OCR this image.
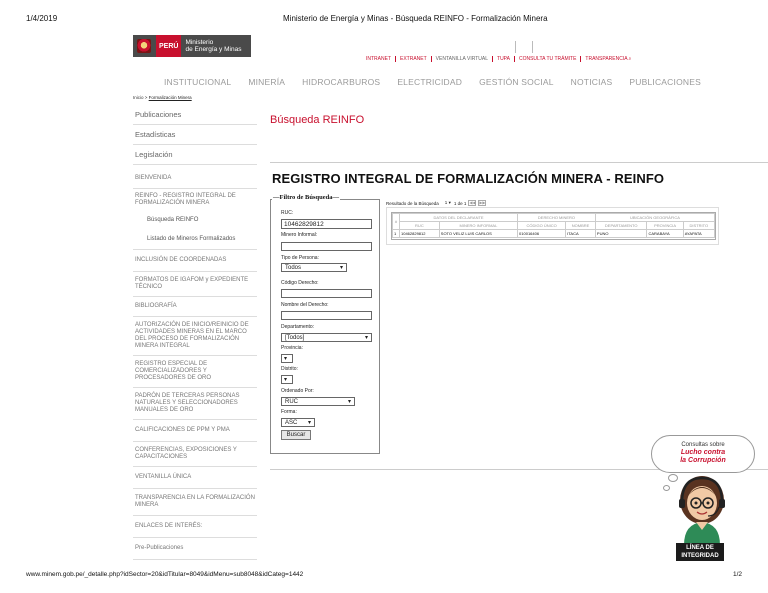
1/4/2019	Ministerio de Energía y Minas - Búsqueda REINFO - Formalización Minera
PERÚ	Ministerio
de Energía y Minas
INTRANET	EXTRANET	VENTANILLA VIRTUAL	TUPA	CONSULTA TU TRÁMITE	TRANSPARENCIA⌕
INSTITUCIONAL MINERÍA HIDROCARBUROS ELECTRICIDAD GESTIÓN SOCIAL NOTICIAS PUBLICACIONES
Inicio > Formalización Minera
Publicaciones
Estadísticas
Legislación
BIENVENIDA
REINFO - REGISTRO INTEGRAL DE FORMALIZACIÓN MINERA
Búsqueda REINFO
Listado de Mineros Formalizados
INCLUSIÓN DE COORDENADAS
FORMATOS DE IGAFOM y EXPEDIENTE TÉCNICO
BIBLIOGRAFÍA
AUTORIZACIÓN DE INICIO/REINICIO DE ACTIVIDADES MINERAS EN EL MARCO DEL PROCESO DE FORMALIZACIÓN MINERA INTEGRAL
REGISTRO ESPECIAL DE COMERCIALIZADORES Y PROCESADORES DE ORO
PADRÓN DE TERCERAS PERSONAS NATURALES Y SELECCIONADORES MANUALES DE ORO
CALIFICACIONES DE PPM Y PMA
CONFERENCIAS, EXPOSICIONES Y CAPACITACIONES
VENTANILLA ÚNICA
TRANSPARENCIA EN LA FORMALIZACIÓN MINERA
ENLACES DE INTERÉS:
Pre-Publicaciones
Búsqueda REINFO
REGISTRO INTEGRAL DE FORMALIZACIÓN MINERA - REINFO
—Filtro de Búsqueda—
RUC:
10462829812
Minero Informal:
Tipo de Persona:
Todos	▾
Código Derecho:
Nombre del Derecho:
Departamento:
[Todos]	▾
Provincia:
▾
Distrito:
▾
Ordenado Por:
RUC	▾
Forma:
ASC ▾
Buscar
Resultado de la Búsqueda 1 ▾ 1 de 1 ◀◀ ▶▶
#	DATOS DEL DECLARANTE		DERECHO MINERO		UBICACIÓN GEOGRÁFICA		
	RUC	MINERO INFORMAL	CÓDIGO ÚNICO	NOMBRE	DEPARTAMENTO	PROVINCIA	DISTRITO
1	10462829812	SOTO VELIZ LUIS CARLOS	010016406	ITACA	PUNO	CARABAYA	AYAPATA
Consultas sobre
Lucho contra
la Corrupción
LÍNEA DE
INTEGRIDAD
www.minem.gob.pe/_detalle.php?idSector=20&idTitular=8049&idMenu=sub8048&idCateg=1442	1/2
